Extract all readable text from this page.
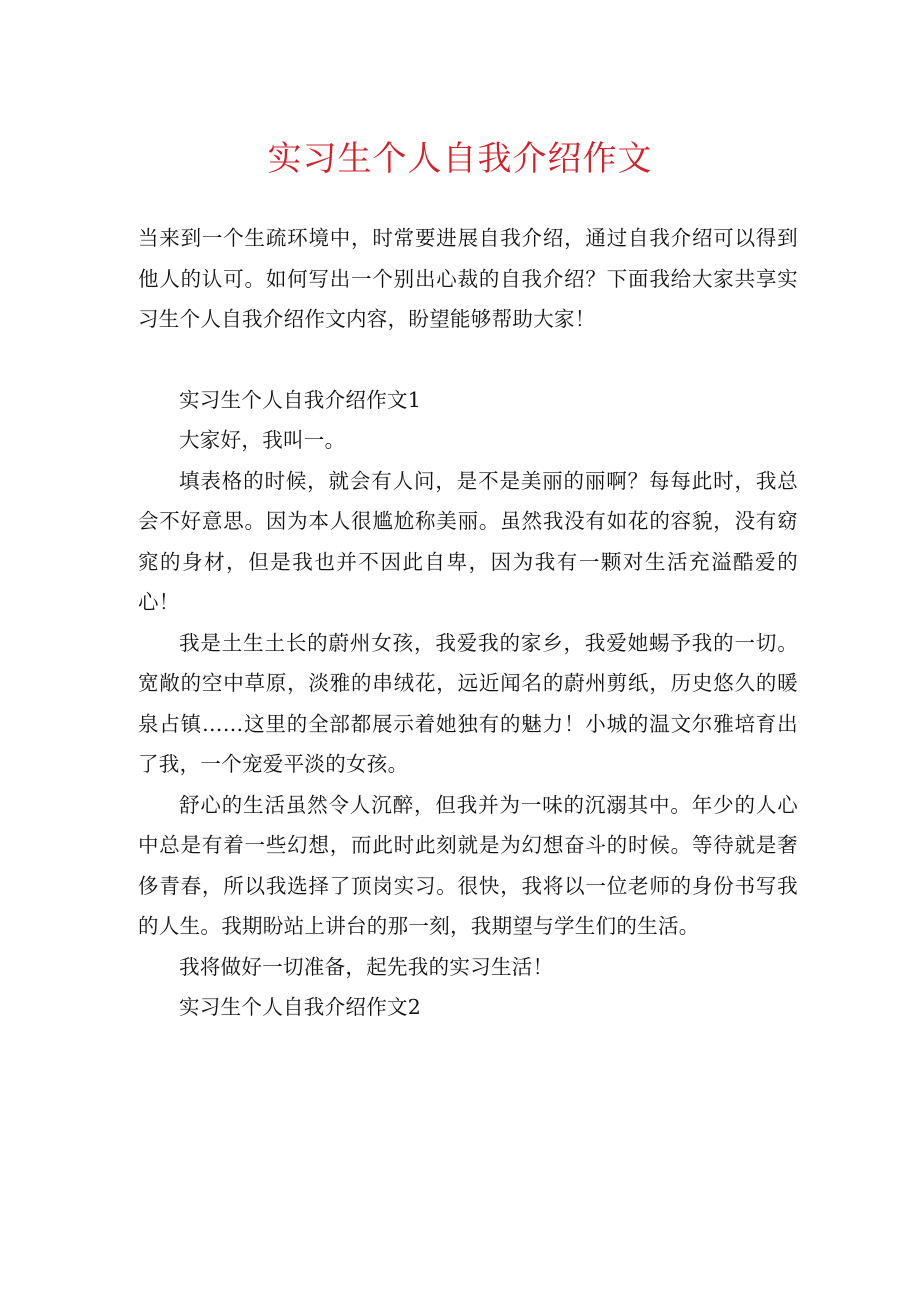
实习生个人自我介绍作文

当来到一个生疏环境中，时常要进展自我介绍，通过自我介绍可以得到他人的认可。如何写出一个别出心裁的自我介绍？下面我给大家共享实习生个人自我介绍作文内容，盼望能够帮助大家！

实习生个人自我介绍作文1

大家好，我叫一。

填表格的时候，就会有人问，是不是美丽的丽啊？每每此时，我总会不好意思。因为本人很尴尬称美丽。虽然我没有如花的容貌，没有窈窕的身材，但是我也并不因此自卑，因为我有一颗对生活充溢酷爱的心！

我是土生土长的蔚州女孩，我爱我的家乡，我爱她蜴予我的一切。宽敞的空中草原，淡雅的串绒花，远近闻名的蔚州剪纸，历史悠久的暖泉占镇……这里的全部都展示着她独有的魅力！小城的温文尔雅培育出了我，一个宠爱平淡的女孩。

舒心的生活虽然令人沉醉，但我并为一味的沉溺其中。年少的人心中总是有着一些幻想，而此时此刻就是为幻想奋斗的时候。等待就是奢侈青春，所以我选择了顶岗实习。很快，我将以一位老师的身份书写我的人生。我期盼站上讲台的那一刻，我期望与学生们的生活。

我将做好一切准备，起先我的实习生活！

实习生个人自我介绍作文2
